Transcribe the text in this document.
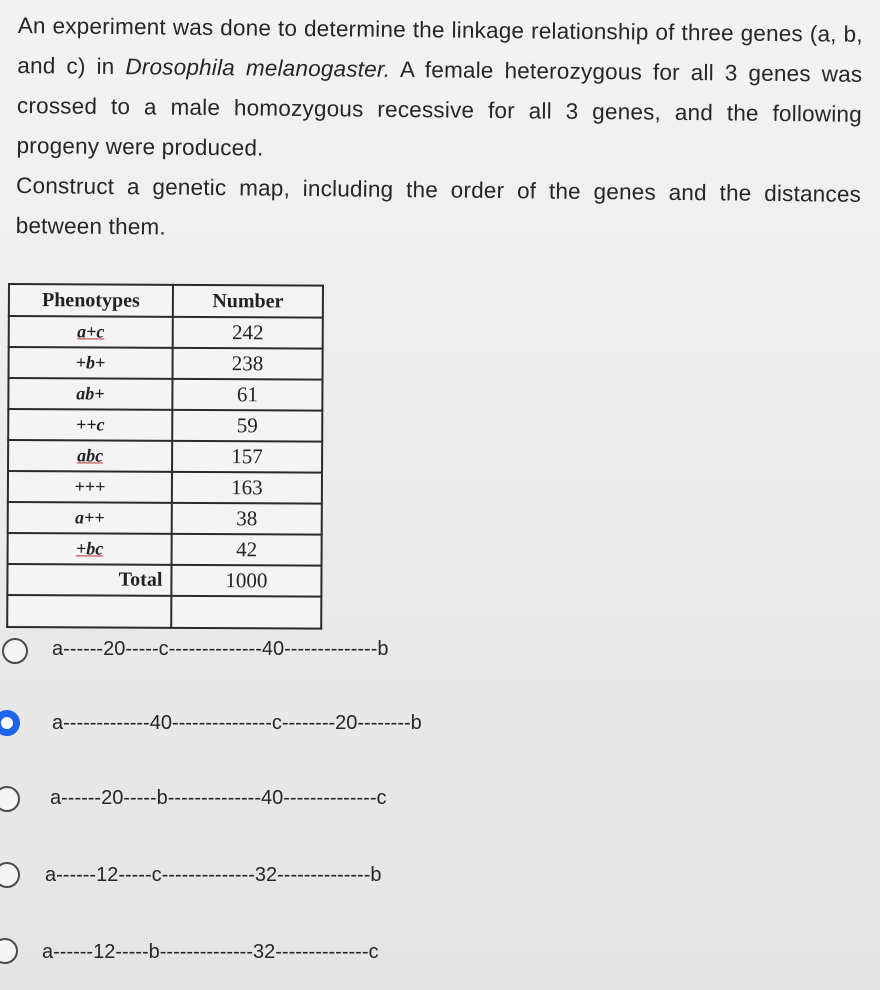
An experiment was done to determine the linkage relationship of three genes (a, b, and c) in Drosophila melanogaster. A female heterozygous for all 3 genes was crossed to a male homozygous recessive for all 3 genes, and the following progeny were produced.

Construct a genetic map, including the order of the genes and the distances between them.

Phenotypes	Number
a+c	242
+b+	238
ab+	61
++c	59
abc	157
+++	163
a++	38
+bc	42
Total	1000

a------20-----c--------------40--------------b
a-------------40---------------c--------20--------b
a------20-----b--------------40--------------c
a------12-----c--------------32--------------b
a------12-----b--------------32--------------c
